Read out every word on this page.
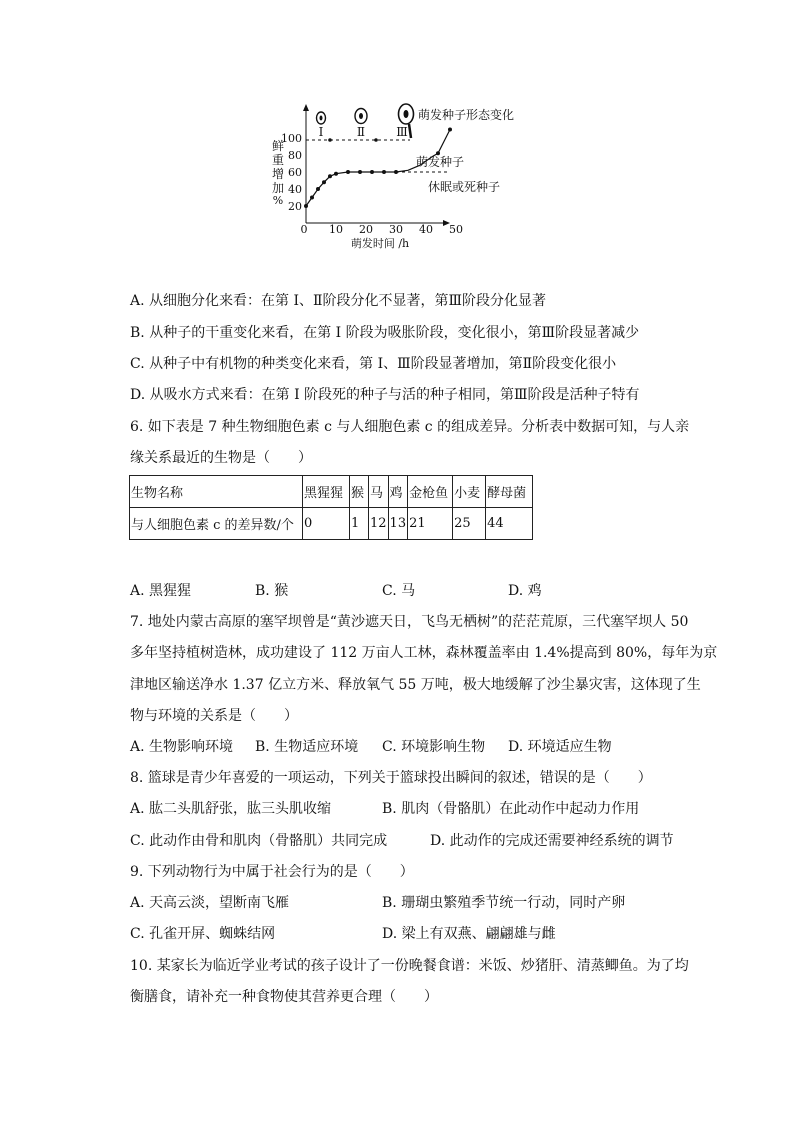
鲜
重
增
加
%
100
80
60
40
20
10 20 30 40 50
0
萌发时间 /h
Ⅰ	Ⅱ	Ⅲ
萌发种子形态变化
萌发种子
休眠或死种子
A. 从细胞分化来看：在第 I、Ⅱ阶段分化不显著，第Ⅲ阶段分化显著
B. 从种子的干重变化来看，在第 I 阶段为吸胀阶段，变化很小，第Ⅲ阶段显著减少
C. 从种子中有机物的种类变化来看，第 I、Ⅲ阶段显著增加，第Ⅱ阶段变化很小
D. 从吸水方式来看：在第 I 阶段死的种子与活的种子相同，第Ⅲ阶段是活种子特有
6. 如下表是 7 种生物细胞色素 c 与人细胞色素 c 的组成差异。分析表中数据可知，与人亲
缘关系最近的生物是（　　）
生物名称	黑猩猩	猴	马	鸡	金枪鱼	小麦	酵母菌
与人细胞色素 c 的差异数/个	0	1	12	13	21	25	44
A. 黑猩猩	B. 猴	C. 马	D. 鸡
7. 地处内蒙古高原的塞罕坝曾是“黄沙遮天日，飞鸟无栖树”的茫茫荒原，三代塞罕坝人 50
多年坚持植树造林，成功建设了 112 万亩人工林，森林覆盖率由 1.4%提高到 80%，每年为京
津地区输送净水 1.37 亿立方米、释放氧气 55 万吨，极大地缓解了沙尘暴灾害，这体现了生
物与环境的关系是（　　）
A. 生物影响环境 B. 生物适应环境 C. 环境影响生物 D. 环境适应生物
8. 篮球是青少年喜爱的一项运动，下列关于篮球投出瞬间的叙述，错误的是（　　）
A. 肱二头肌舒张，肱三头肌收缩	B. 肌肉（骨骼肌）在此动作中起动力作用
C. 此动作由骨和肌肉（骨骼肌）共同完成	D. 此动作的完成还需要神经系统的调节
9. 下列动物行为中属于社会行为的是（　　）
A. 天高云淡，望断南飞雁	B. 珊瑚虫繁殖季节统一行动，同时产卵
C. 孔雀开屏、蜘蛛结网	D. 梁上有双燕、翩翩雄与雌
10. 某家长为临近学业考试的孩子设计了一份晚餐食谱：米饭、炒猪肝、清蒸鲫鱼。为了均
衡膳食，请补充一种食物使其营养更合理（　　）
